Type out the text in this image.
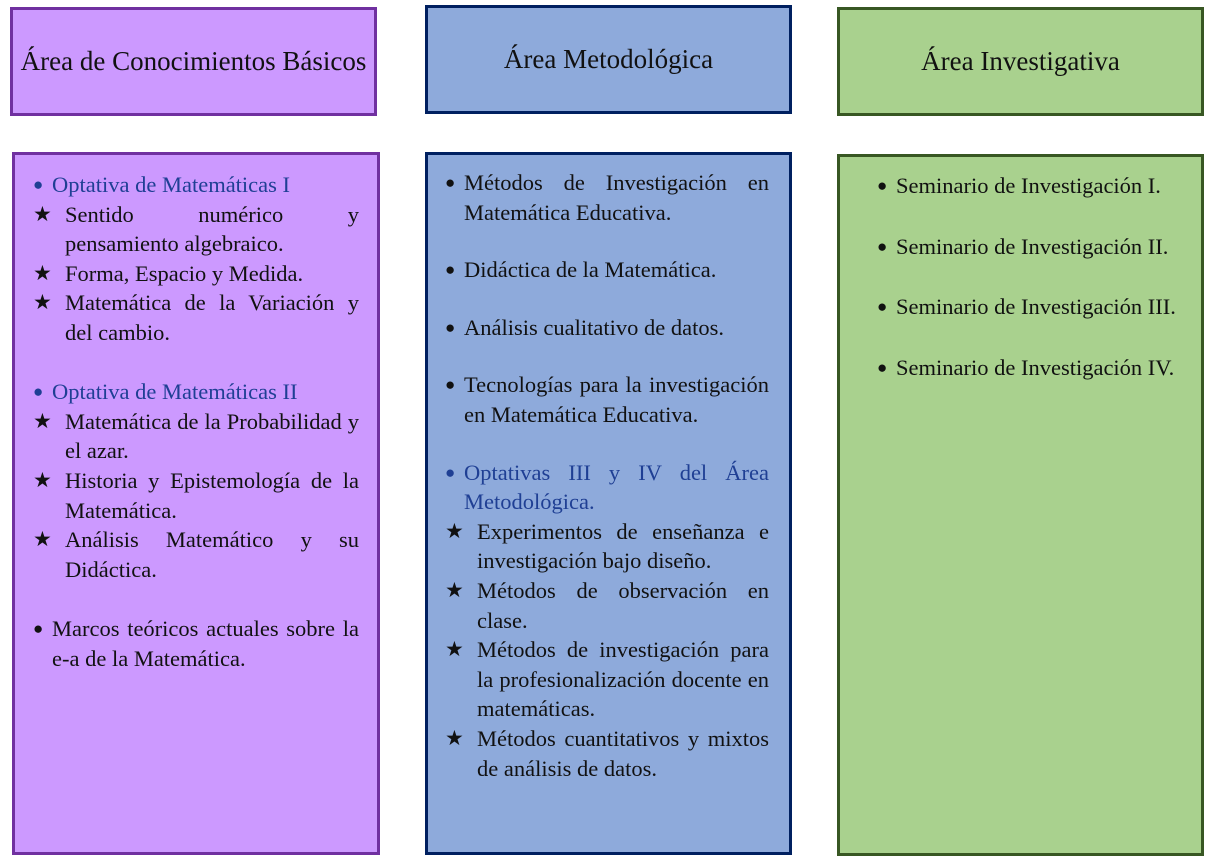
Área de Conocimientos Básicos	Área Metodológica	Área Investigativa
● Optativa de Matemáticas I
★ Sentido numérico y pensamiento algebraico.
★ Forma, Espacio y Medida.
★ Matemática de la Variación y del cambio.
● Optativa de Matemáticas II
★ Matemática de la Probabilidad y el azar.
★ Historia y Epistemología de la Matemática.
★ Análisis Matemático y su Didáctica.
● Marcos teóricos actuales sobre la e-a de la Matemática.
● Métodos de Investigación en Matemática Educativa.
● Didáctica de la Matemática.
● Análisis cualitativo de datos.
● Tecnologías para la investigación en Matemática Educativa.
● Optativas III y IV del Área Metodológica.
★ Experimentos de enseñanza e investigación bajo diseño.
★ Métodos de observación en clase.
★ Métodos de investigación para la profesionalización docente en matemáticas.
★ Métodos cuantitativos y mixtos de análisis de datos.
● Seminario de Investigación I.
● Seminario de Investigación II.
● Seminario de Investigación III.
● Seminario de Investigación IV.
